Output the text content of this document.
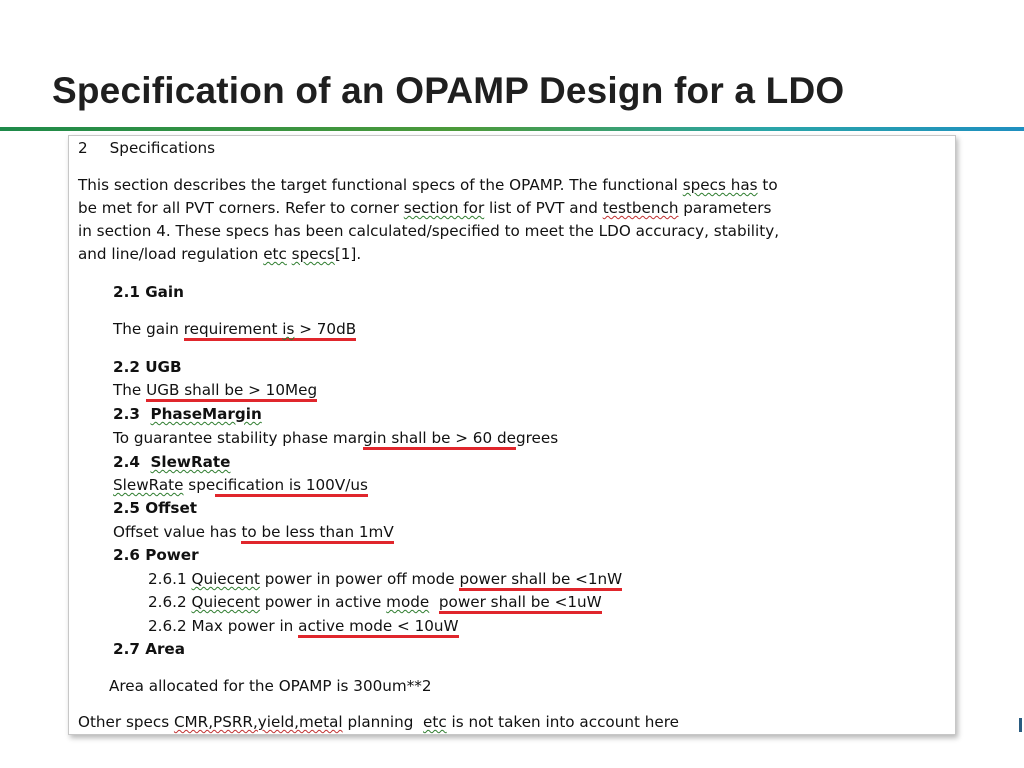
Specification of an OPAMP Design for a LDO
2 Specifications
This section describes the target functional specs of the OPAMP. The functional specs has to
be met for all PVT corners. Refer to corner section for list of PVT and testbench parameters
in section 4. These specs has been calculated/specified to meet the LDO accuracy, stability,
and line/load regulation etc specs[1].
2.1 Gain
The gain requirement is > 70dB
2.2 UGB
The UGB shall be > 10Meg
2.3  PhaseMargin
To guarantee stability phase margin shall be > 60 degrees
2.4  SlewRate
SlewRate specification is 100V/us
2.5 Offset
Offset value has to be less than 1mV
2.6 Power
2.6.1 Quiecent power in power off mode power shall be <1nW
2.6.2 Quiecent power in active mode power shall be <1uW
2.6.2 Max power in active mode < 10uW
2.7 Area
Area allocated for the OPAMP is 300um**2
Other specs CMR,PSRR,yield,metal planning  etc is not taken into account here
